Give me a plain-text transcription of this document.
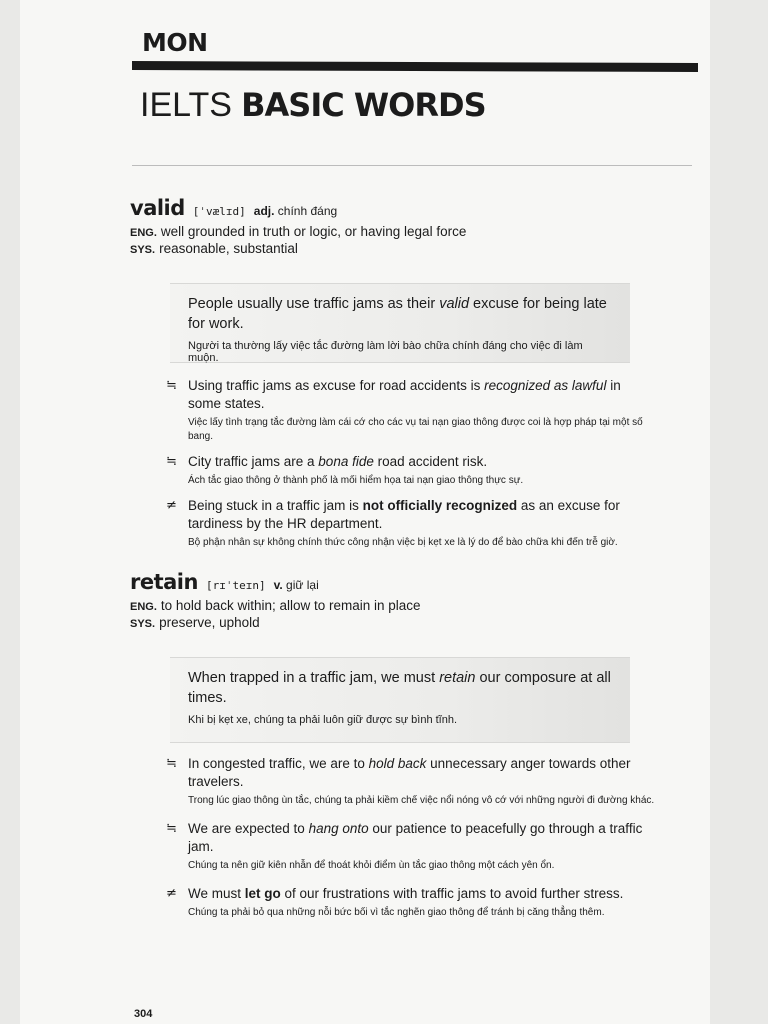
MON
IELTS BASIC WORDS
valid [ˈvælɪd] adj. chính đáng
ENG. well grounded in truth or logic, or having legal force
SYS. reasonable, substantial
People usually use traffic jams as their valid excuse for being late for work.
Người ta thường lấy việc tắc đường làm lời bào chữa chính đáng cho việc đi làm muộn.
≒ Using traffic jams as excuse for road accidents is recognized as lawful in some states.
Việc lấy tình trạng tắc đường làm cái cớ cho các vụ tai nạn giao thông được coi là hợp pháp tại một số bang.
≒ City traffic jams are a bona fide road accident risk.
Ách tắc giao thông ở thành phố là mối hiểm họa tai nạn giao thông thực sự.
≠ Being stuck in a traffic jam is not officially recognized as an excuse for tardiness by the HR department.
Bộ phận nhân sự không chính thức công nhận việc bị kẹt xe là lý do để bào chữa khi đến trễ giờ.
retain [rɪˈteɪn] v. giữ lại
ENG. to hold back within; allow to remain in place
SYS. preserve, uphold
When trapped in a traffic jam, we must retain our composure at all times.
Khi bị kẹt xe, chúng ta phải luôn giữ được sự bình tĩnh.
≒ In congested traffic, we are to hold back unnecessary anger towards other travelers.
Trong lúc giao thông ùn tắc, chúng ta phải kiềm chế việc nổi nóng vô cớ với những người đi đường khác.
≒ We are expected to hang onto our patience to peacefully go through a traffic jam.
Chúng ta nên giữ kiên nhẫn để thoát khỏi điểm ùn tắc giao thông một cách yên ổn.
≠ We must let go of our frustrations with traffic jams to avoid further stress.
Chúng ta phải bỏ qua những nỗi bức bối vì tắc nghẽn giao thông để tránh bị căng thẳng thêm.
304
